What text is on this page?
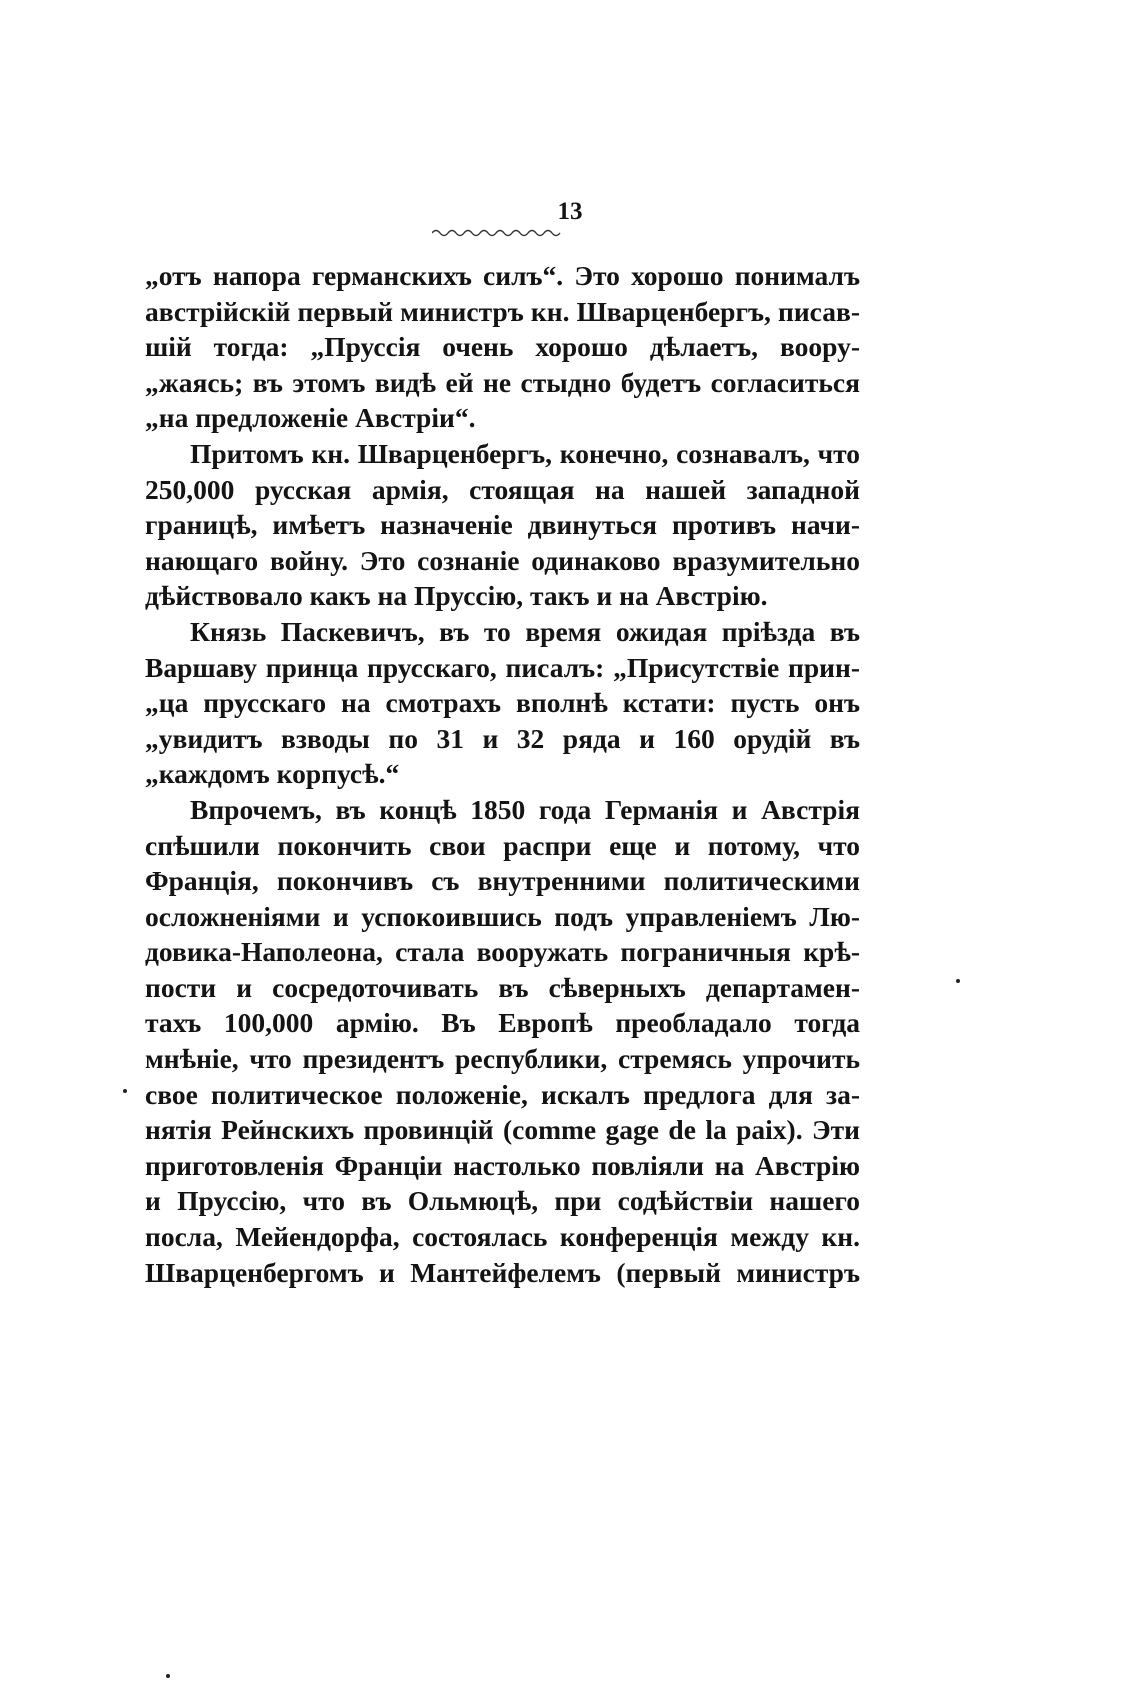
13
„отъ напора германскихъ силъ“. Это хорошо понималъ
австрійскій первый министръ кн. Шварценбергъ, писав-
шій тогда: „Пруссія очень хорошо дѣлаетъ, воору-
„жаясь; въ этомъ видѣ ей не стыдно будетъ согласиться
„на предложеніе Австріи“.
Притомъ кн. Шварценбергъ, конечно, сознавалъ, что
250,000 русская армія, стоящая на нашей западной
границѣ, имѣетъ назначеніе двинуться противъ начи-
нающаго войну. Это сознаніе одинаково вразумительно
дѣйствовало какъ на Пруссію, такъ и на Австрію.
Князь Паскевичъ, въ то время ожидая пріѣзда въ
Варшаву принца прусскаго, писалъ: „Присутствіе прин-
„ца прусскаго на смотрахъ вполнѣ кстати: пусть онъ
„увидитъ взводы по 31 и 32 ряда и 160 орудій въ
„каждомъ корпусѣ.“
Впрочемъ, въ концѣ 1850 года Германія и Австрія
спѣшили покончить свои распри еще и потому, что
Франція, покончивъ съ внутренними политическими
осложненіями и успокоившись подъ управленіемъ Лю-
довика-Наполеона, стала вооружать пограничныя крѣ-
пости и сосредоточивать въ сѣверныхъ департамен-
тахъ 100,000 армію. Въ Европѣ преобладало тогда
мнѣніе, что президентъ республики, стремясь упрочить
свое политическое положеніе, искалъ предлога для за-
нятія Рейнскихъ провинцій (comme gage de la paix). Эти
приготовленія Франціи настолько повліяли на Австрію
и Пруссію, что въ Ольмюцѣ, при содѣйствіи нашего
посла, Мейендорфа, состоялась конференція между кн.
Шварценбергомъ и Мантейфелемъ (первый министръ
